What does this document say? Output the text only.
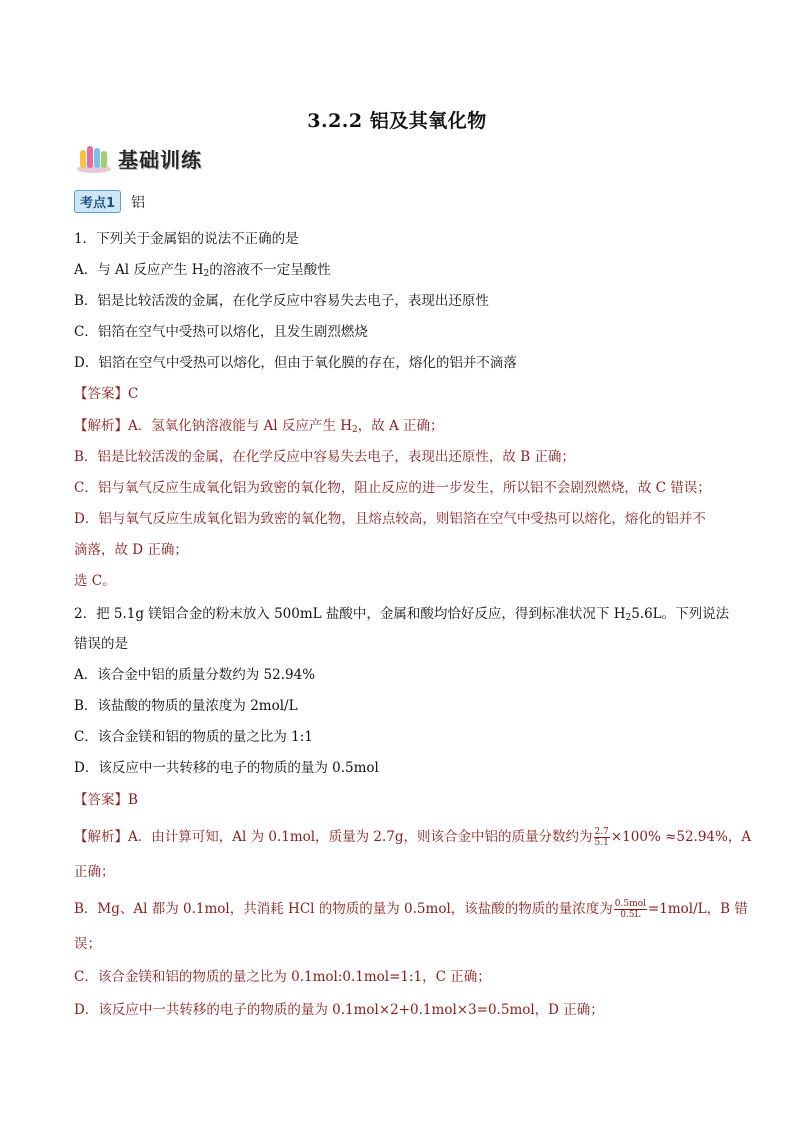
3.2.2 铝及其氧化物
基础训练
考点1	铝
1．下列关于金属铝的说法不正确的是
A．与 Al 反应产生 $H_2$的溶液不一定呈酸性
B．铝是比较活泼的金属，在化学反应中容易失去电子，表现出还原性
C．铝箔在空气中受热可以熔化，且发生剧烈燃烧
D．铝箔在空气中受热可以熔化，但由于氧化膜的存在，熔化的铝并不滴落
【答案】C
【解析】A．氢氧化钠溶液能与 Al 反应产生 $H_2$，故 A 正确；
B．铝是比较活泼的金属，在化学反应中容易失去电子，表现出还原性，故 B 正确；
C．铝与氧气反应生成氧化铝为致密的氧化物，阻止反应的进一步发生，所以铝不会剧烈燃烧，故 C 错误；
D．铝与氧气反应生成氧化铝为致密的氧化物，且熔点较高，则铝箔在空气中受热可以熔化，熔化的铝并不
滴落，故 D 正确；
选 C。
2．把 5.1g 镁铝合金的粉末放入 500mL 盐酸中，金属和酸均恰好反应，得到标准状况下 $H_25.6L$。下列说法
错误的是
A．该合金中铝的质量分数约为 52.94%
B．该盐酸的物质的量浓度为 2mol/L
C．该合金镁和铝的物质的量之比为 1:1
D．该反应中一共转移的电子的物质的量为 0.5mol
【答案】B
【解析】A．由计算可知，Al 为 0.1mol，质量为 2.7g，则该合金中铝的质量分数约为 $\frac{2.7}{5.1} \times 100\% \approx 52.94\%$，A
正确；
B．Mg、Al 都为 0.1mol，共消耗 HCl 的物质的量为 0.5mol，该盐酸的物质的量浓度为 $\frac{\text{0.5mol}}{0.5L} =1mol/L$，B 错
误；
C．该合金镁和铝的物质的量之比为 0.1mol:0.1mol=1:1，C 正确；
D．该反应中一共转移的电子的物质的量为 0.1mol×2+0.1mol×3=0.5mol，D 正确；
